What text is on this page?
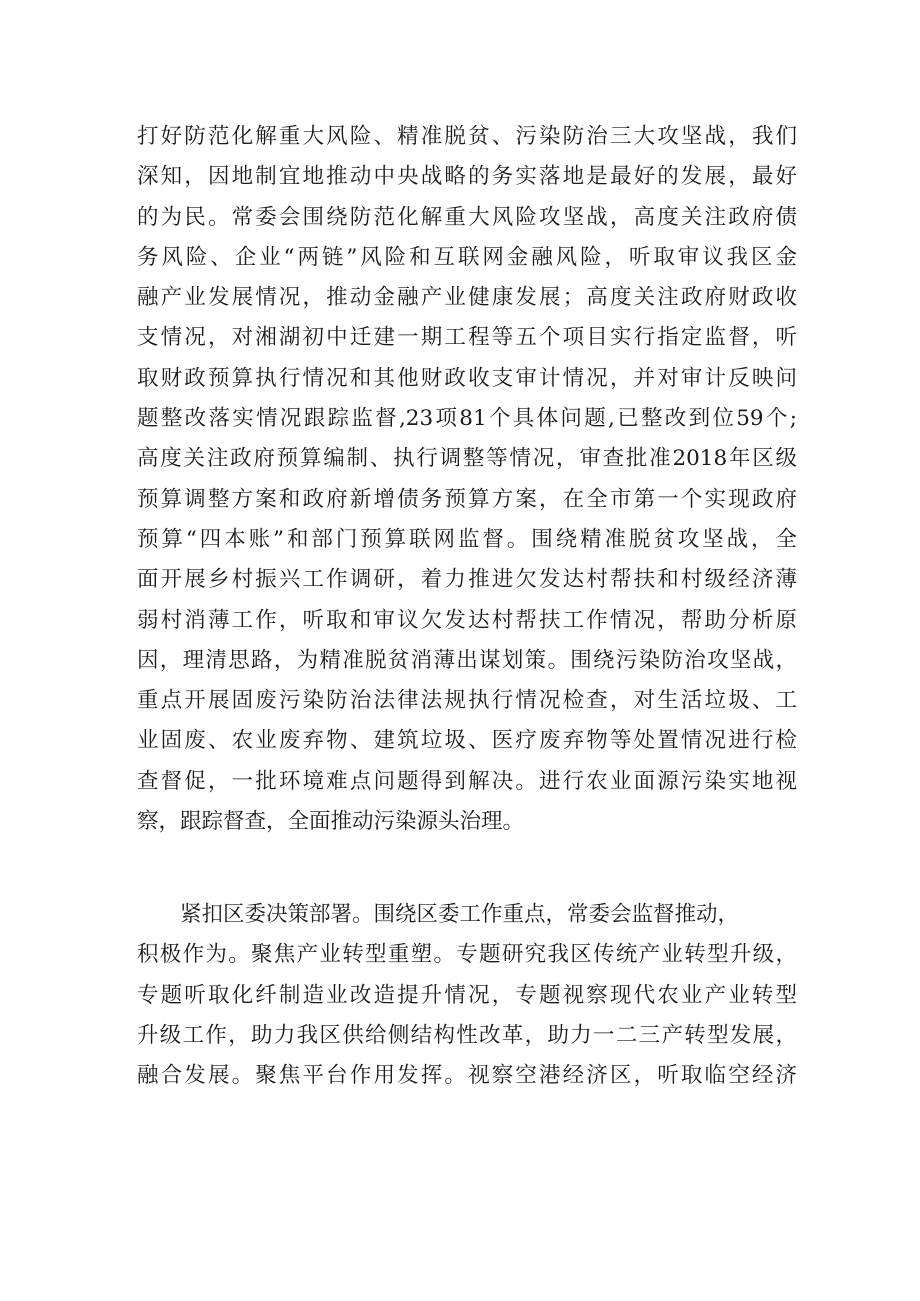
打好防范化解重大风险、精准脱贫、污染防治三大攻坚战，我们
深知，因地制宜地推动中央战略的务实落地是最好的发展，最好
的为民。常委会围绕防范化解重大风险攻坚战，高度关注政府债
务风险、企业“两链”风险和互联网金融风险，听取审议我区金
融产业发展情况，推动金融产业健康发展；高度关注政府财政收
支情况，对湘湖初中迁建一期工程等五个项目实行指定监督，听
取财政预算执行情况和其他财政收支审计情况，并对审计反映问
题整改落实情况跟踪监督,23项81个具体问题,已整改到位59个;
高度关注政府预算编制、执行调整等情况，审查批准2018年区级
预算调整方案和政府新增债务预算方案，在全市第一个实现政府
预算“四本账”和部门预算联网监督。围绕精准脱贫攻坚战，全
面开展乡村振兴工作调研，着力推进欠发达村帮扶和村级经济薄
弱村消薄工作，听取和审议欠发达村帮扶工作情况，帮助分析原
因，理清思路，为精准脱贫消薄出谋划策。围绕污染防治攻坚战，
重点开展固废污染防治法律法规执行情况检查，对生活垃圾、工
业固废、农业废弃物、建筑垃圾、医疗废弃物等处置情况进行检
查督促，一批环境难点问题得到解决。进行农业面源污染实地视
察，跟踪督查，全面推动污染源头治理。
紧扣区委决策部署。围绕区委工作重点，常委会监督推动，
积极作为。聚焦产业转型重塑。专题研究我区传统产业转型升级，
专题听取化纤制造业改造提升情况，专题视察现代农业产业转型
升级工作，助力我区供给侧结构性改革，助力一二三产转型发展，
融合发展。聚焦平台作用发挥。视察空港经济区，听取临空经济
